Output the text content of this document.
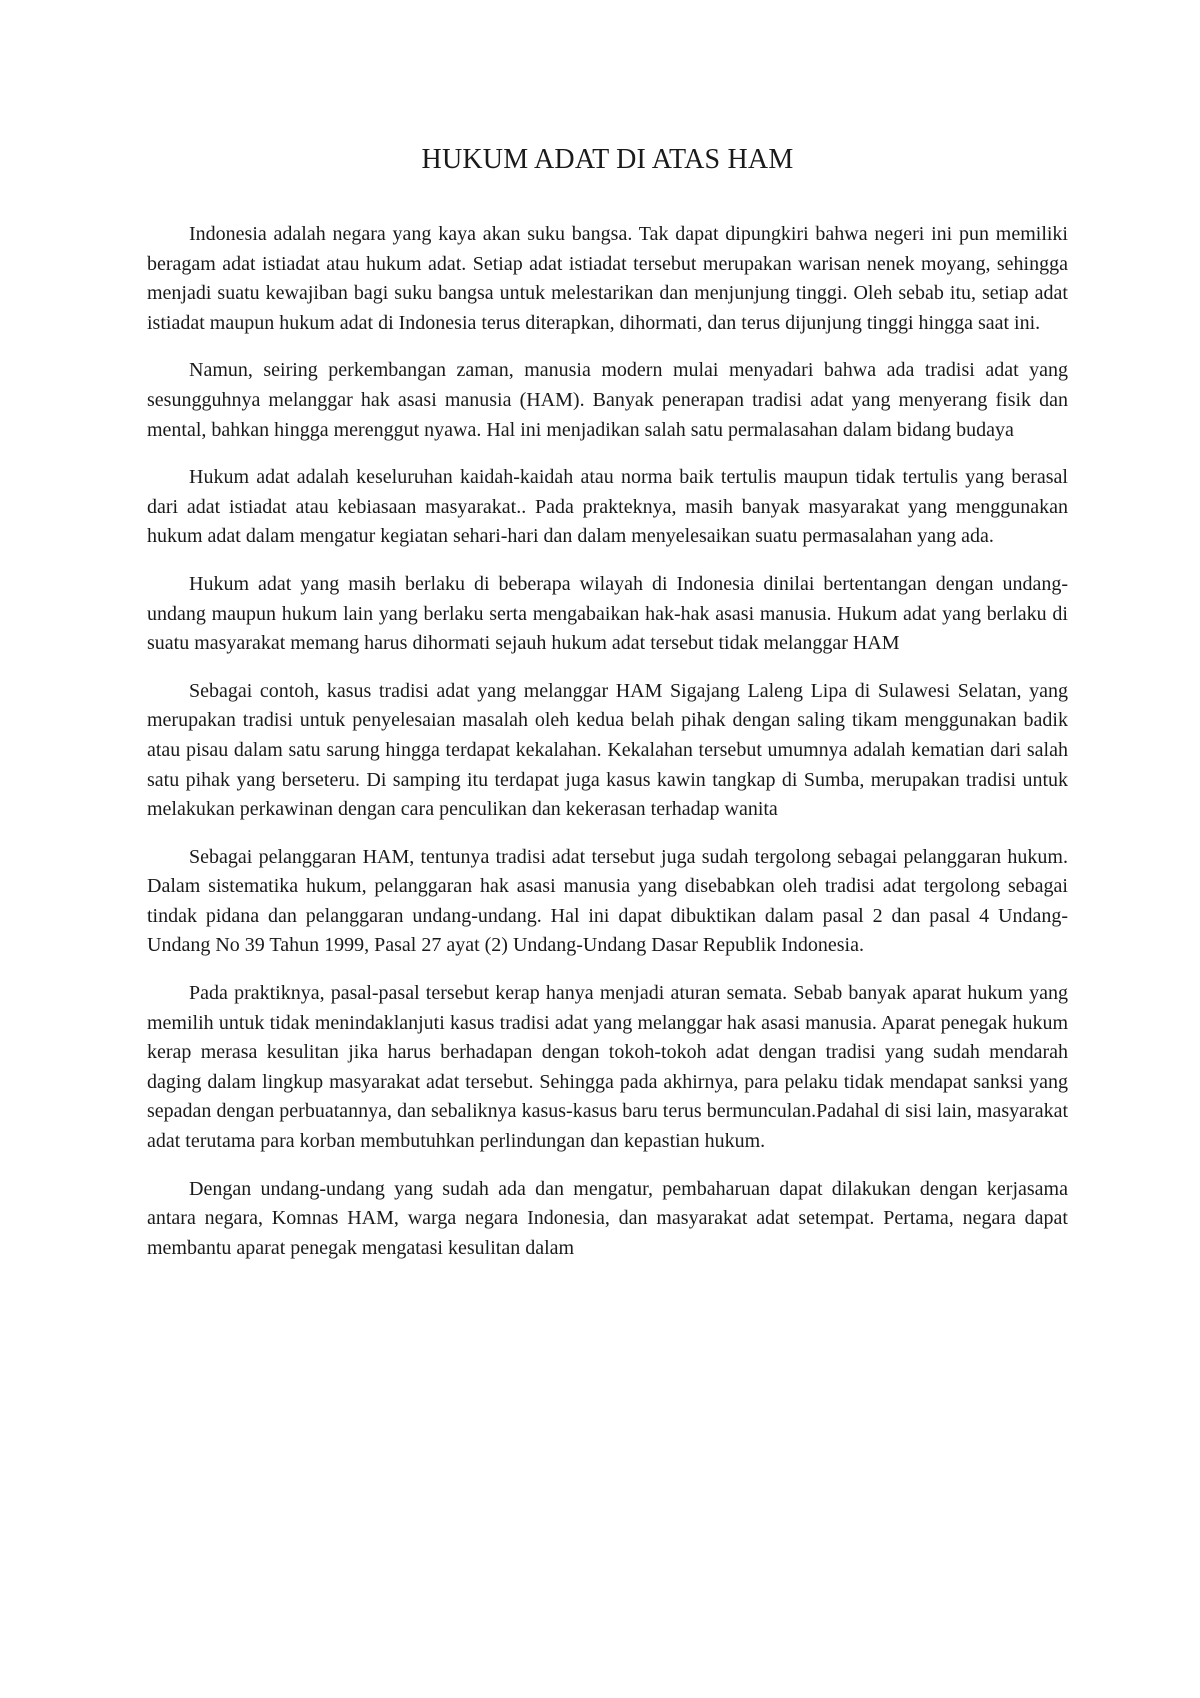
HUKUM ADAT DI ATAS HAM

Indonesia adalah negara yang kaya akan suku bangsa. Tak dapat dipungkiri bahwa negeri ini pun memiliki beragam adat istiadat atau hukum adat. Setiap adat istiadat tersebut merupakan warisan nenek moyang, sehingga menjadi suatu kewajiban bagi suku bangsa untuk melestarikan dan menjunjung tinggi. Oleh sebab itu, setiap adat istiadat maupun hukum adat di Indonesia terus diterapkan, dihormati, dan terus dijunjung tinggi hingga saat ini.

Namun, seiring perkembangan zaman, manusia modern mulai menyadari bahwa ada tradisi adat yang sesungguhnya melanggar hak asasi manusia (HAM). Banyak penerapan tradisi adat yang menyerang fisik dan mental, bahkan hingga merenggut nyawa. Hal ini menjadikan salah satu permalasahan dalam bidang budaya

Hukum adat adalah keseluruhan kaidah-kaidah atau norma baik tertulis maupun tidak tertulis yang berasal dari adat istiadat atau kebiasaan masyarakat.. Pada prakteknya, masih banyak masyarakat yang menggunakan hukum adat dalam mengatur kegiatan sehari-hari dan dalam menyelesaikan suatu permasalahan yang ada.

Hukum adat yang masih berlaku di beberapa wilayah di Indonesia dinilai bertentangan dengan undang-undang maupun hukum lain yang berlaku serta mengabaikan hak-hak asasi manusia. Hukum adat yang berlaku di suatu masyarakat memang harus dihormati sejauh hukum adat tersebut tidak melanggar HAM

Sebagai contoh, kasus tradisi adat yang melanggar HAM Sigajang Laleng Lipa di Sulawesi Selatan, yang merupakan tradisi untuk penyelesaian masalah oleh kedua belah pihak dengan saling tikam menggunakan badik atau pisau dalam satu sarung hingga terdapat kekalahan. Kekalahan tersebut umumnya adalah kematian dari salah satu pihak yang berseteru. Di samping itu terdapat juga kasus kawin tangkap di Sumba, merupakan tradisi untuk melakukan perkawinan dengan cara penculikan dan kekerasan terhadap wanita

Sebagai pelanggaran HAM, tentunya tradisi adat tersebut juga sudah tergolong sebagai pelanggaran hukum. Dalam sistematika hukum, pelanggaran hak asasi manusia yang disebabkan oleh tradisi adat tergolong sebagai tindak pidana dan pelanggaran undang-undang. Hal ini dapat dibuktikan dalam pasal 2 dan pasal 4 Undang-Undang No 39 Tahun 1999, Pasal 27 ayat (2) Undang-Undang Dasar Republik Indonesia.

Pada praktiknya, pasal-pasal tersebut kerap hanya menjadi aturan semata. Sebab banyak aparat hukum yang memilih untuk tidak menindaklanjuti kasus tradisi adat yang melanggar hak asasi manusia. Aparat penegak hukum kerap merasa kesulitan jika harus berhadapan dengan tokoh-tokoh adat dengan tradisi yang sudah mendarah daging dalam lingkup masyarakat adat tersebut. Sehingga pada akhirnya, para pelaku tidak mendapat sanksi yang sepadan dengan perbuatannya, dan sebaliknya kasus-kasus baru terus bermunculan.Padahal di sisi lain, masyarakat adat terutama para korban membutuhkan perlindungan dan kepastian hukum.

Dengan undang-undang yang sudah ada dan mengatur, pembaharuan dapat dilakukan dengan kerjasama antara negara, Komnas HAM, warga negara Indonesia, dan masyarakat adat setempat. Pertama, negara dapat membantu aparat penegak mengatasi kesulitan dalam
